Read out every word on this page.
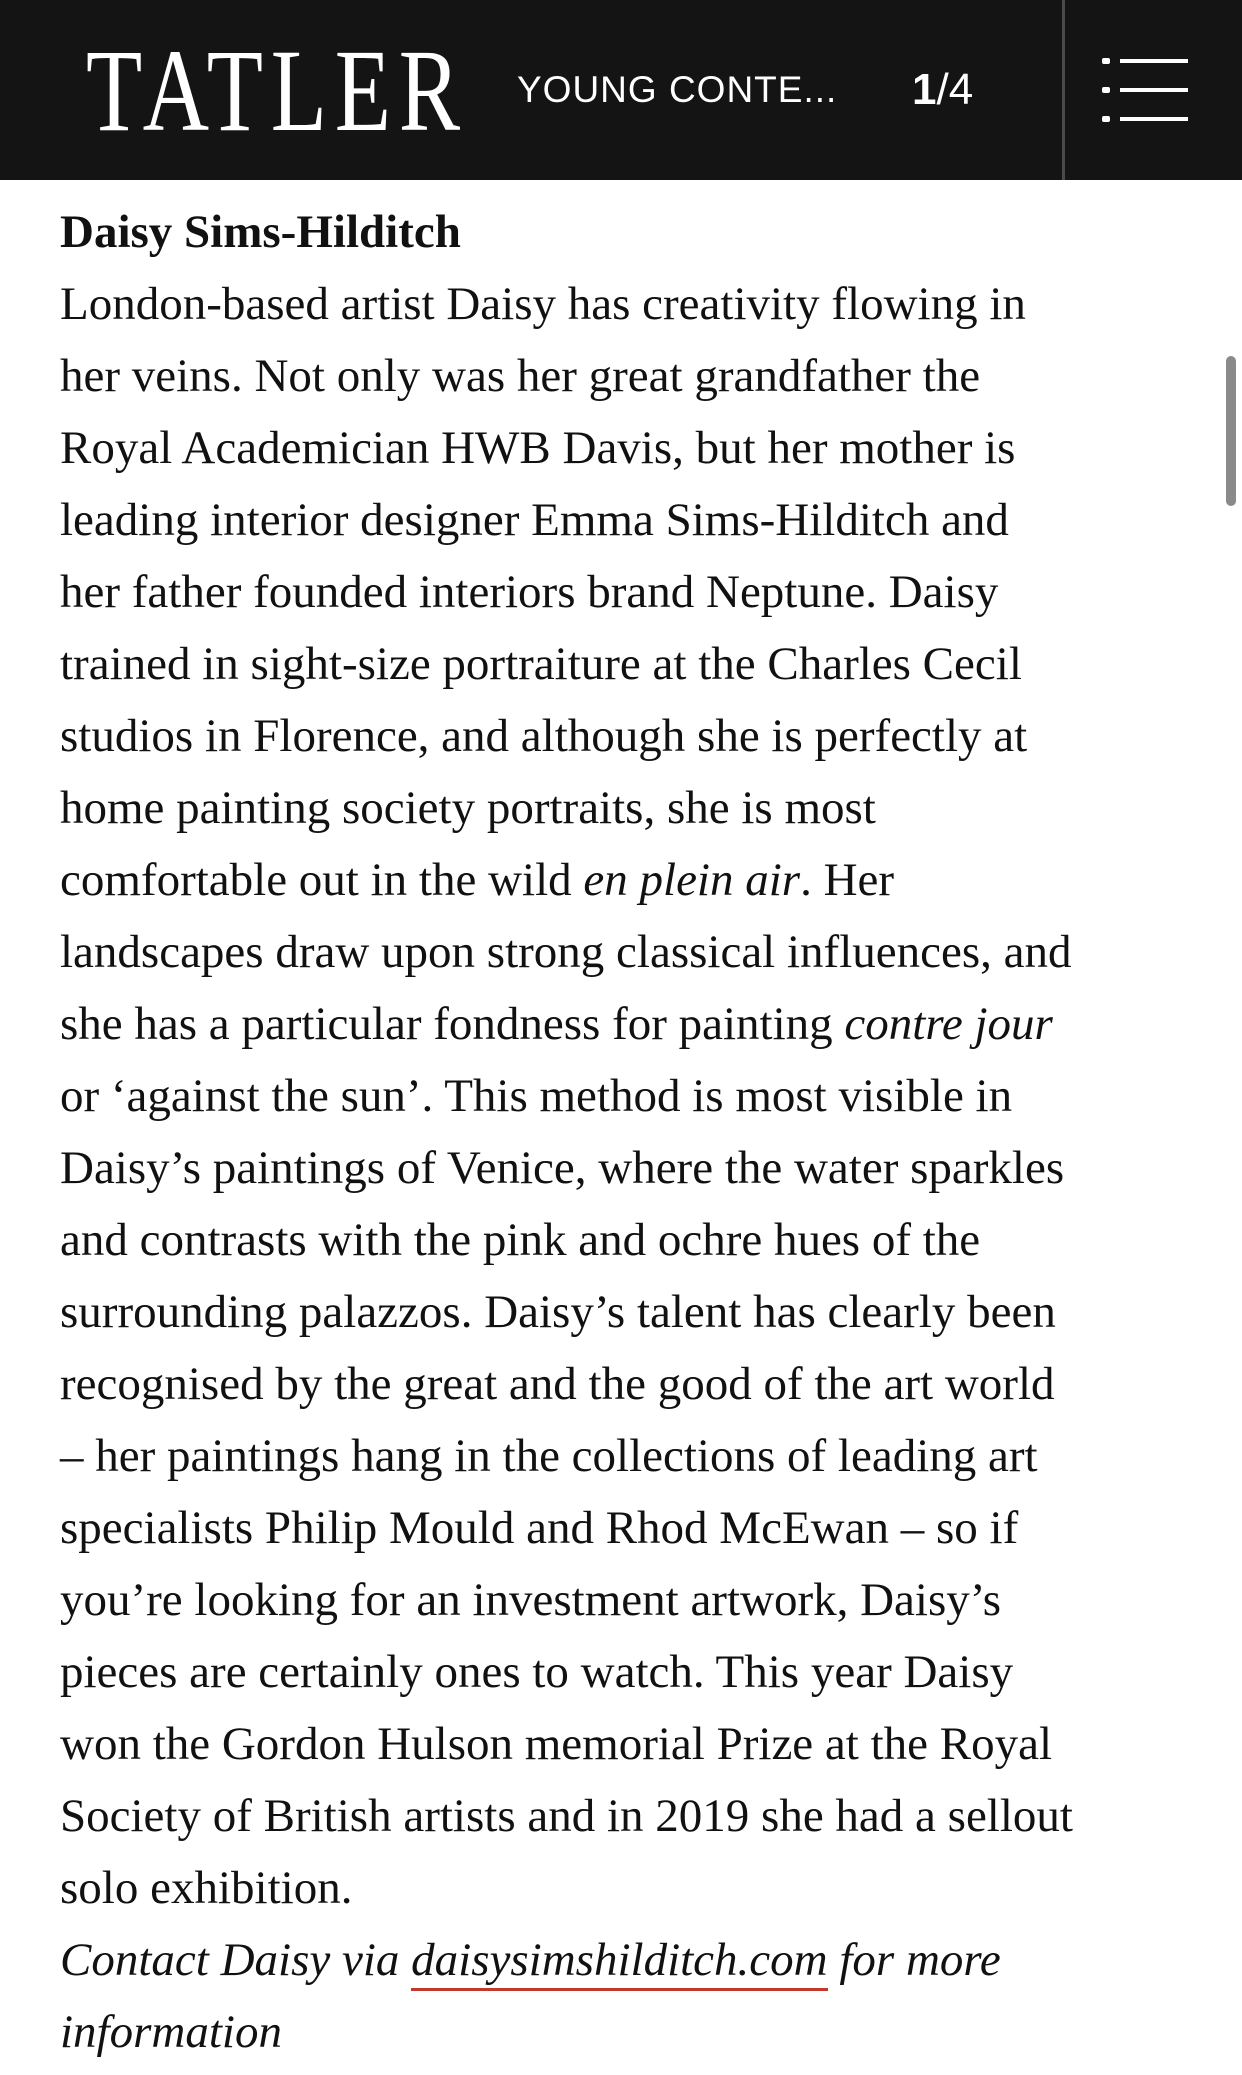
TATLER YOUNG CONTE... 1/4
Daisy Sims-Hilditch
London-based artist Daisy has creativity flowing in
her veins. Not only was her great grandfather the
Royal Academician HWB Davis, but her mother is
leading interior designer Emma Sims-Hilditch and
her father founded interiors brand Neptune. Daisy
trained in sight-size portraiture at the Charles Cecil
studios in Florence, and although she is perfectly at
home painting society portraits, she is most
comfortable out in the wild en plein air. Her
landscapes draw upon strong classical influences, and
she has a particular fondness for painting contre jour
or ‘against the sun’. This method is most visible in
Daisy’s paintings of Venice, where the water sparkles
and contrasts with the pink and ochre hues of the
surrounding palazzos. Daisy’s talent has clearly been
recognised by the great and the good of the art world
– her paintings hang in the collections of leading art
specialists Philip Mould and Rhod McEwan – so if
you’re looking for an investment artwork, Daisy’s
pieces are certainly ones to watch. This year Daisy
won the Gordon Hulson memorial Prize at the Royal
Society of British artists and in 2019 she had a sellout
solo exhibition.
Contact Daisy via daisysimshilditch.com for more
information
